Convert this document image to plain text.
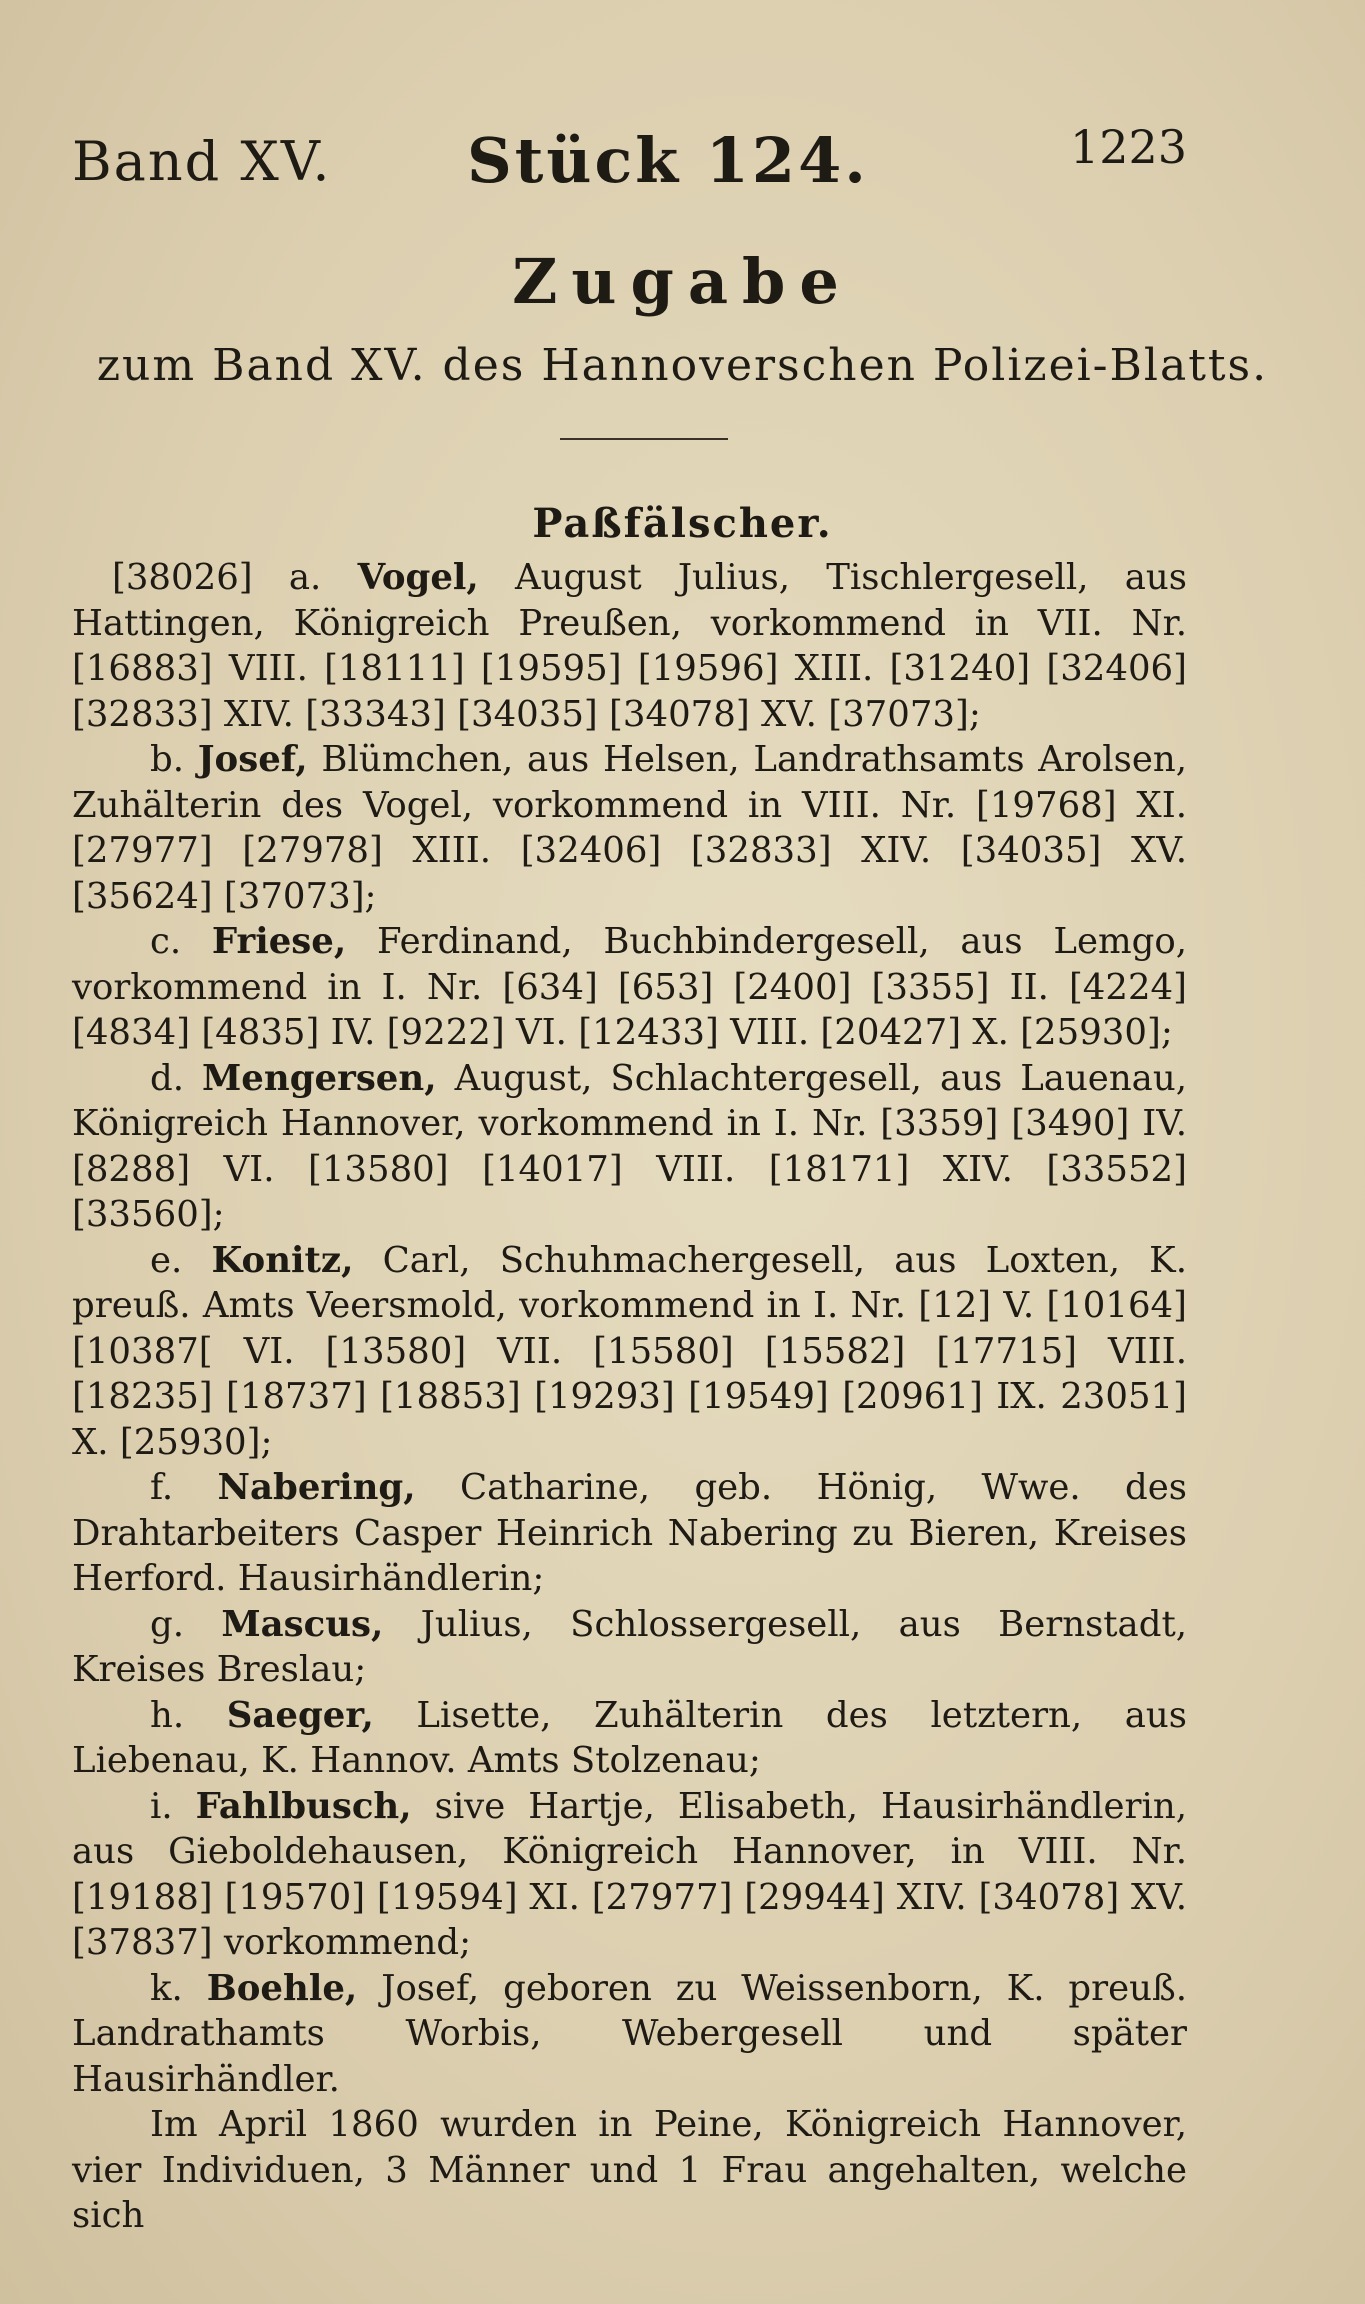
Band XV. Stück 124.	1223
Zugabe
zum Band XV. des Hannoverschen Polizei-Blatts.
Paßfälscher.

[38026] a. Vogel, August Julius, Tischlergesell, aus Hattingen, Königreich Preußen, vorkommend in VII. Nr. [16883] VIII. [18111] [19595] [19596] XIII. [31240] [32406] [32833] XIV. [33343] [34035] [34078] XV. [37073];

b. Josef, Blümchen, aus Helsen, Landrathsamts Arolsen, Zuhälterin des Vogel, vorkommend in VIII. Nr. [19768] XI. [27977] [27978] XIII. [32406] [32833] XIV. [34035] XV. [35624] [37073];

c. Friese, Ferdinand, Buchbindergesell, aus Lemgo, vorkommend in I. Nr. [634] [653] [2400] [3355] II. [4224] [4834] [4835] IV. [9222] VI. [12433] VIII. [20427] X. [25930];

d. Mengersen, August, Schlachtergesell, aus Lauenau, Königreich Hannover, vorkommend in I. Nr. [3359] [3490] IV. [8288] VI. [13580] [14017] VIII. [18171] XIV. [33552] [33560];

e. Konitz, Carl, Schuhmachergesell, aus Loxten, K. preuß. Amts Veersmold, vorkommend in I. Nr. [12] V. [10164] [10387[ VI. [13580] VII. [15580] [15582] [17715] VIII. [18235] [18737] [18853] [19293] [19549] [20961] IX. 23051] X. [25930];

f. Nabering, Catharine, geb. Hönig, Wwe. des Drahtarbeiters Casper Heinrich Nabering zu Bieren, Kreises Herford. Hausirhändlerin;

g. Mascus, Julius, Schlossergesell, aus Bernstadt, Kreises Breslau;

h. Saeger, Lisette, Zuhälterin des letztern, aus Liebenau, K. Hannov. Amts Stolzenau;

i. Fahlbusch, sive Hartje, Elisabeth, Hausirhändlerin, aus Gieboldehausen, Königreich Hannover, in VIII. Nr. [19188] [19570] [19594] XI. [27977] [29944] XIV. [34078] XV. [37837] vorkommend;

k. Boehle, Josef, geboren zu Weissenborn, K. preuß. Landrathamts Worbis, Webergesell und später Hausirhändler.

Im April 1860 wurden in Peine, Königreich Hannover, vier Individuen, 3 Männer und 1 Frau angehalten, welche sich
